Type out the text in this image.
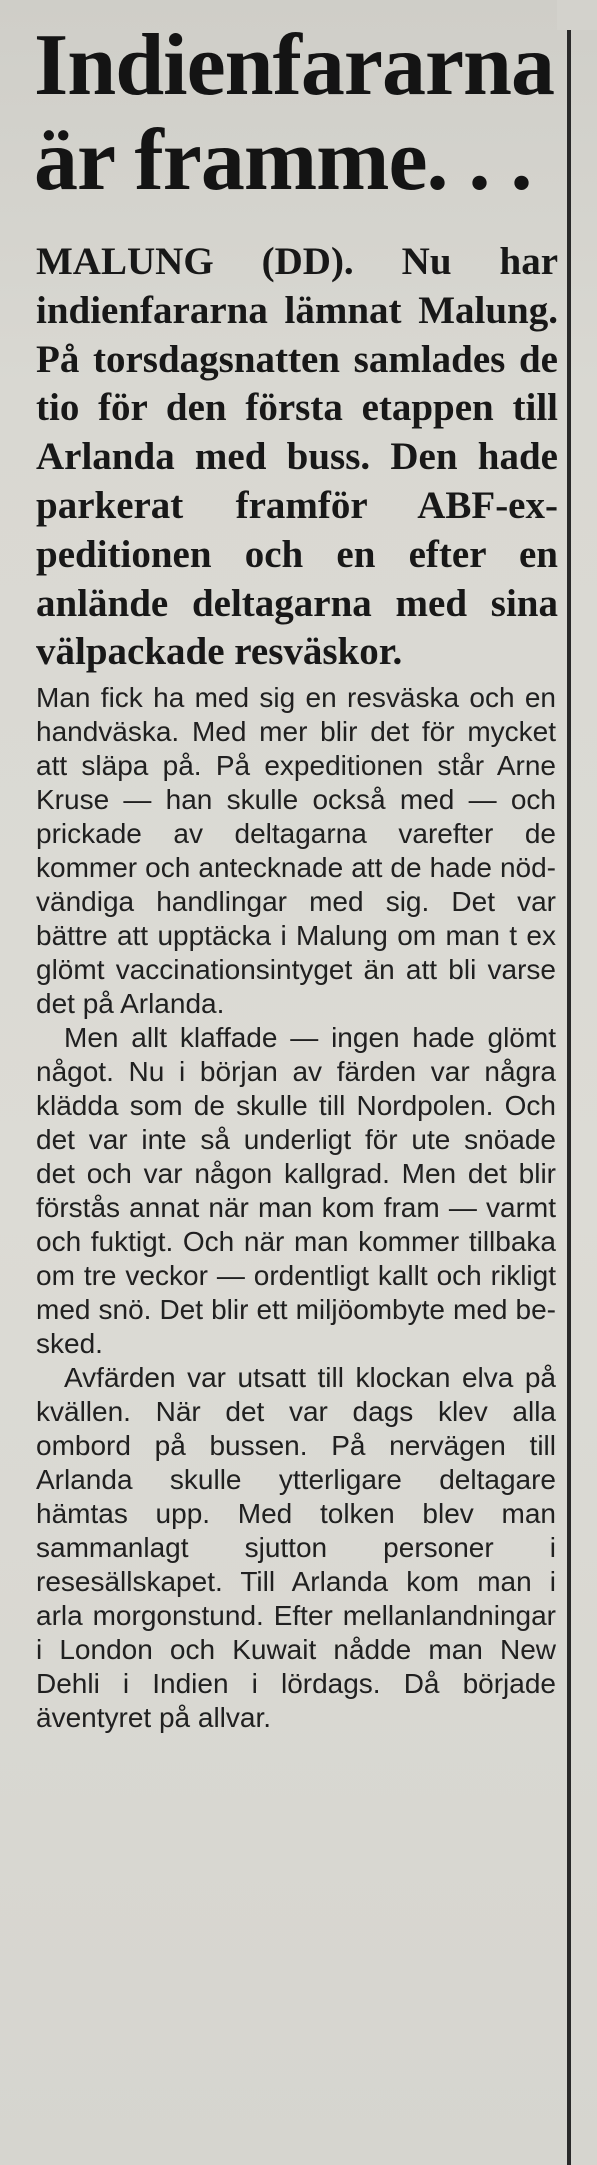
Indienfararna
är framme. . .
MALUNG (DD). Nu har indienfararna lämnat Malung. På torsdagsnatten samlades de tio för den första etappen till Arlanda med buss. Den hade parkerat framför ABF-expeditionen och en efter en anlände deltagarna med sina välpackade resväskor.

Man fick ha med sig en resväska och en handväska. Med mer blir det för mycket att släpa på. På expeditionen står Arne Kruse — han skulle också med — och prickade av deltagarna varefter de kommer och antecknade att de hade nödvändiga handlingar med sig. Det var bättre att upptäcka i Malung om man t ex glömt vaccinationsintyget än att bli varse det på Arlanda.

Men allt klaffade — ingen hade glömt något. Nu i början av färden var några klädda som de skulle till Nordpolen. Och det var inte så underligt för ute snöade det och var någon kallgrad. Men det blir förstås annat när man kom fram — varmt och fuktigt. Och när man kommer tillbaka om tre veckor — ordentligt kallt och rikligt med snö. Det blir ett miljöombyte med besked.

Avfärden var utsatt till klockan elva på kvällen. När det var dags klev alla ombord på bussen. På nervägen till Arlanda skulle ytterligare deltagare hämtas upp. Med tolken blev man sammanlagt sjutton personer i resesällskapet. Till Arlanda kom man i arla morgonstund. Efter mellanlandningar i London och Kuwait nådde man New Dehli i Indien i lördags. Då började äventyret på allvar.
